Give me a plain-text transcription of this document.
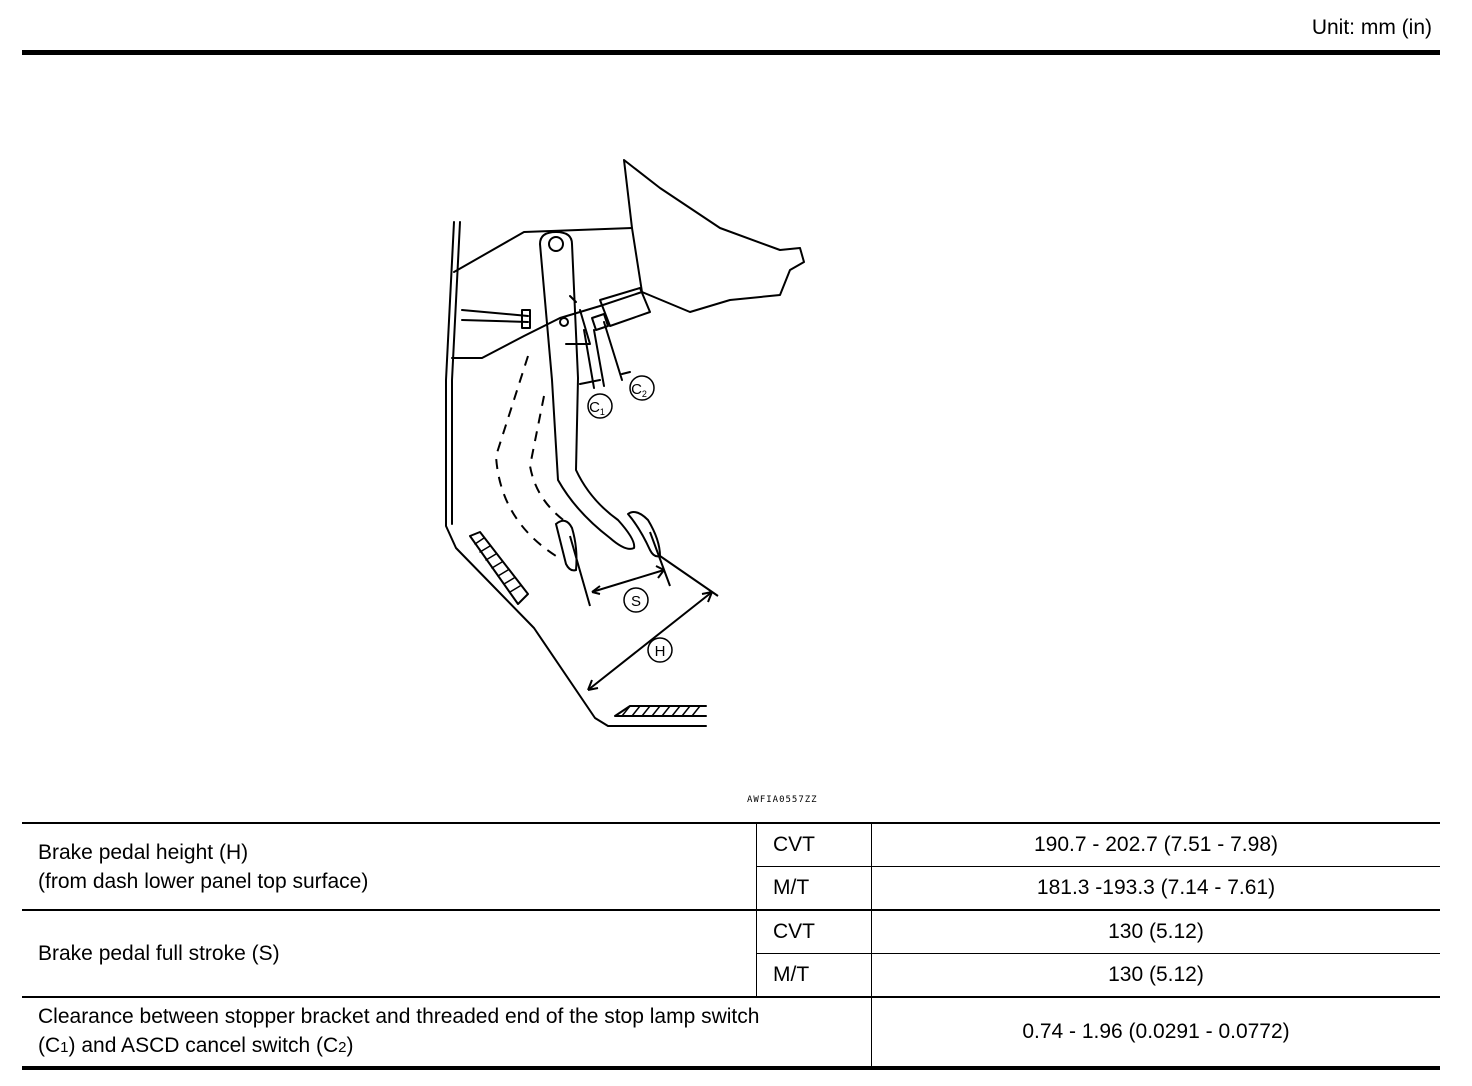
Unit: mm (in)
$C_1$
$C_2$
S
H
AWFIA0557ZZ
Brake pedal height (H)
(from dash lower panel top surface)	CVT	190.7 - 202.7 (7.51 - 7.98)
	M/T	181.3 -193.3 (7.14 - 7.61)
Brake pedal full stroke (S)	CVT	130 (5.12)
	M/T	130 (5.12)

Clearance between stopper bracket and threaded end of the stop lamp switch
(C1) and ASCD cancel switch (C2)		0.74 - 1.96 (0.0291 - 0.0772)
